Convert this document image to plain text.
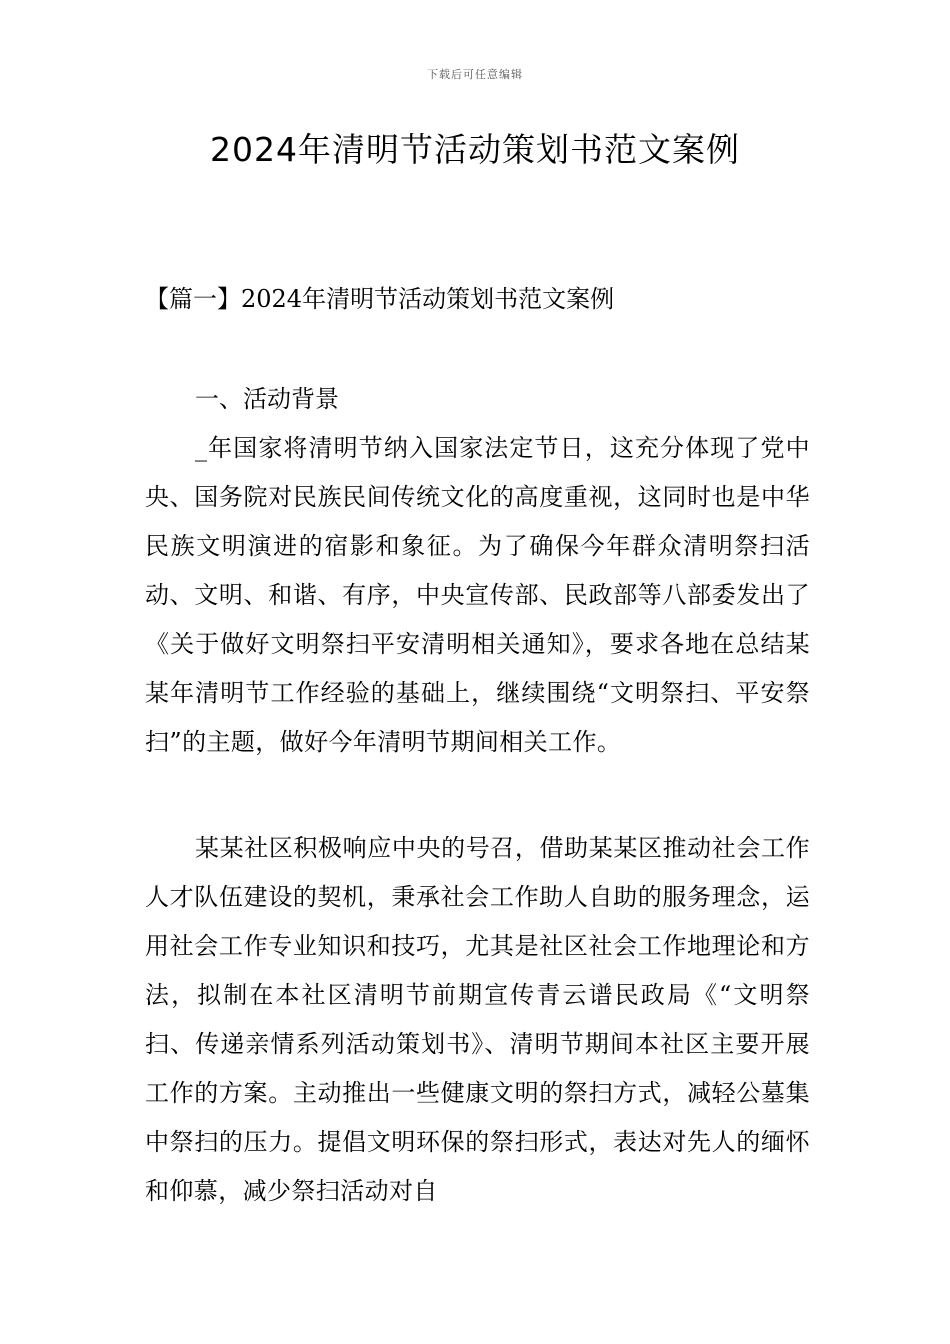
下载后可任意编辑
2024年清明节活动策划书范文案例
【篇一】2024年清明节活动策划书范文案例
一、活动背景

_年国家将清明节纳入国家法定节日，这充分体现了党中央、国务院对民族民间传统文化的高度重视，这同时也是中华民族文明演进的宿影和象征。为了确保今年群众清明祭扫活动、文明、和谐、有序，中央宣传部、民政部等八部委发出了《关于做好文明祭扫平安清明相关通知》，要求各地在总结某某年清明节工作经验的基础上，继续围绕“文明祭扫、平安祭扫”的主题，做好今年清明节期间相关工作。

某某社区积极响应中央的号召，借助某某区推动社会工作人才队伍建设的契机，秉承社会工作助人自助的服务理念，运用社会工作专业知识和技巧，尤其是社区社会工作地理论和方法，拟制在本社区清明节前期宣传青云谱民政局《“文明祭扫、传递亲情系列活动策划书》、清明节期间本社区主要开展工作的方案。主动推出一些健康文明的祭扫方式，减轻公墓集中祭扫的压力。提倡文明环保的祭扫形式，表达对先人的缅怀和仰慕，减少祭扫活动对自
